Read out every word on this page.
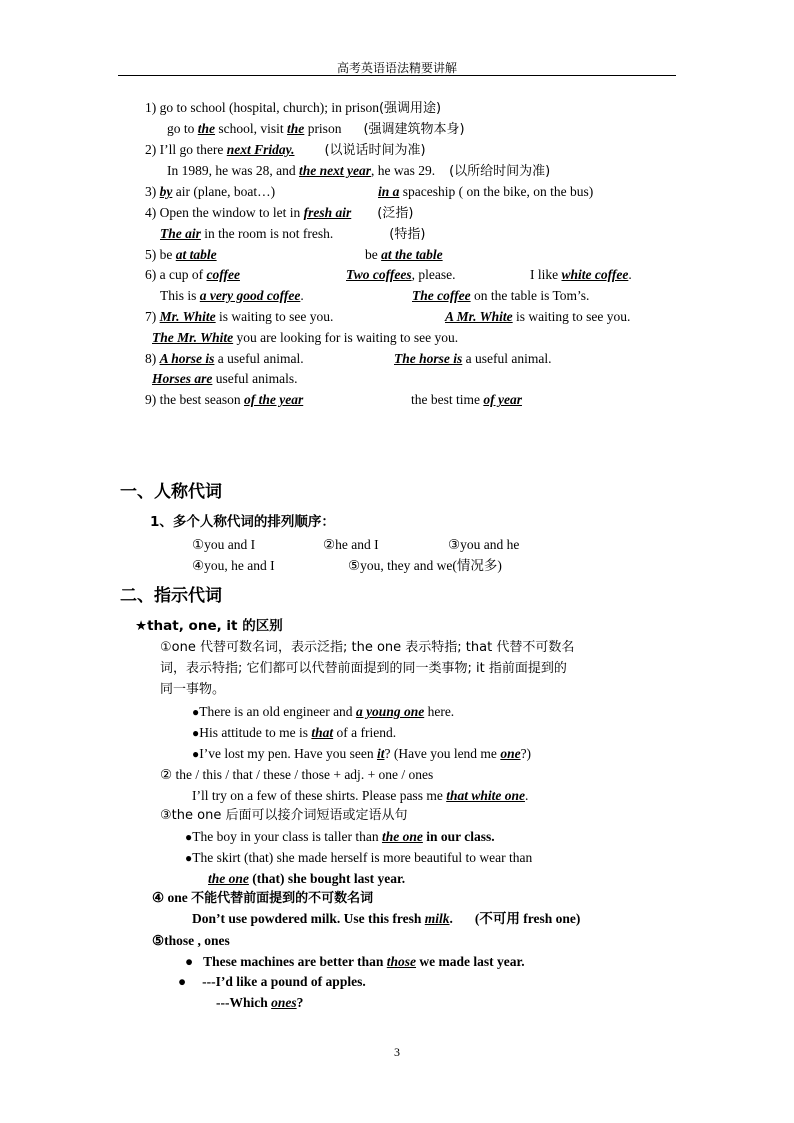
高考英语语法精要讲解
1) go to school (hospital, church); in prison(强调用途)
go to the school, visit the prison (强调建筑物本身)
2) I’ll go there next Friday. (以说话时间为准)
In 1989, he was 28, and the next year, he was 29. (以所给时间为准)
3) by air (plane, boat…)	in a spaceship ( on the bike, on the bus)
4) Open the window to let in fresh air (泛指)
The air in the room is not fresh.	(特指)
5) be at table	be at the table
6) a cup of coffee	Two coffees, please.	I like white coffee.
This is a very good coffee.	The coffee on the table is Tom’s.
7) Mr. White is waiting to see you.	A Mr. White is waiting to see you.
The Mr. White you are looking for is waiting to see you.
8) A horse is a useful animal.	The horse is a useful animal.
Horses are useful animals.
9) the best season of the year	the best time of year
一、人称代词
1、多个人称代词的排列顺序：
①you and I	②he and I	③you and he
④you, he and I	⑤you, they and we(情况多)
二、指示代词
★that, one, it 的区别
①one 代替可数名词，表示泛指; the one 表示特指; that 代替不可数名
词，表示特指; 它们都可以代替前面提到的同一类事物; it 指前面提到的
同一事物。
●There is an old engineer and a young one here.
●His attitude to me is that of a friend.
●I’ve lost my pen. Have you seen it? (Have you lend me one?)
② the / this / that / these / those + adj. + one / ones
I’ll try on a few of these shirts. Please pass me that white one.
③the one 后面可以接介词短语或定语从句
●The boy in your class is taller than the one in our class.
●The skirt (that) she made herself is more beautiful to wear than
the one (that) she bought last year.
④ one 不能代替前面提到的不可数名词
Don’t use powdered milk. Use this fresh milk. (不可用 fresh one)
⑤those , ones
● These machines are better than those we made last year.
● ---I’d like a pound of apples.
---Which ones?
3
